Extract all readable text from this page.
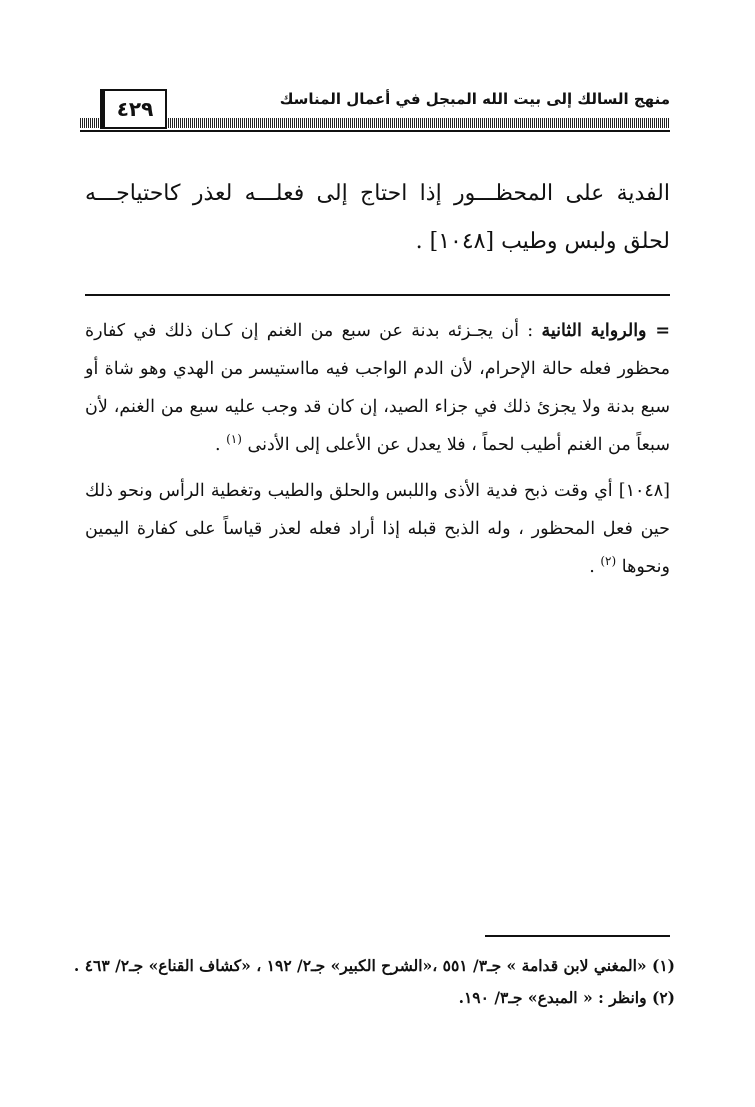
٤٢٩	منهج السالك إلى بيت الله المبجل في أعمال المناسك
الفدية على المحظـــور إذا احتاج إلى فعلـــه لعذر كاحتياجـــه لحلق ولبس وطيب [١٠٤٨] .

= والرواية الثانية : أن يجـزئه بدنة عن سبع من الغنم إن كـان ذلك في كفارة محظور فعله حالة الإحرام، لأن الدم الواجب فيه مااستيسر من الهدي وهو شاة أو سبع بدنة ولا يجزئ ذلك في جزاء الصيد، إن كان قد وجب عليه سبع من الغنم، لأن سبعاً من الغنم أطيب لحماً ، فلا يعدل عن الأعلى إلى الأدنى $^{(١)}$ .

[١٠٤٨] أي وقت ذبح فدية الأذى واللبس والحلق والطيب وتغطية الرأس ونحو ذلك حين فعل المحظور ، وله الذبح قبله إذا أراد فعله لعذر قياساً على كفارة اليمين ونحوها $^{(٢)}$ .

(١) «المغني لابن قدامة » جـ٣/ ٥٥١ ،«الشرح الكبير» جـ٢/ ١٩٢ ، «كشاف القناع» جـ٢/ ٤٦٣ .

(٢) وانظر : « المبدع» جـ٣/ ١٩٠.
